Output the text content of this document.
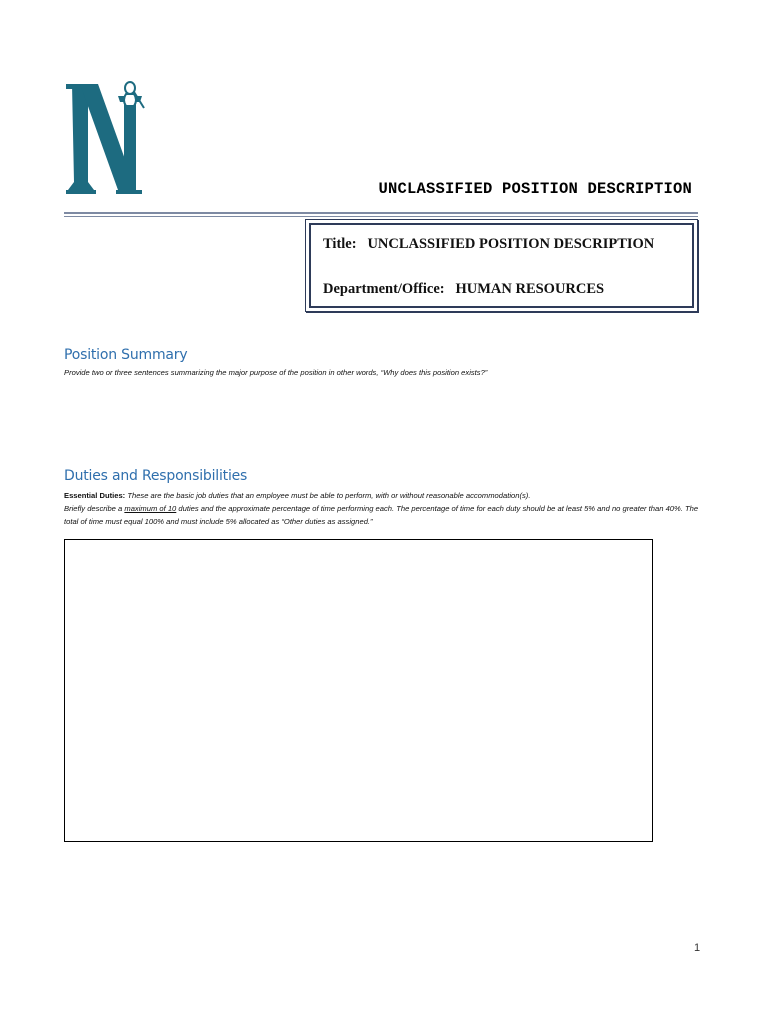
UNCLASSIFIED POSITION DESCRIPTION
Title: UNCLASSIFIED POSITION DESCRIPTION
Department/Office: HUMAN RESOURCES
Position Summary
Provide two or three sentences summarizing the major purpose of the position in other words, “Why does this position exists?”
Duties and Responsibilities
Essential Duties: These are the basic job duties that an employee must be able to perform, with or without reasonable accommodation(s).
Briefly describe a maximum of 10 duties and the approximate percentage of time performing each. The percentage of time for each duty should be at least 5% and no greater than 40%. The total of time must equal 100% and must include 5% allocated as “Other duties as assigned.”
1
